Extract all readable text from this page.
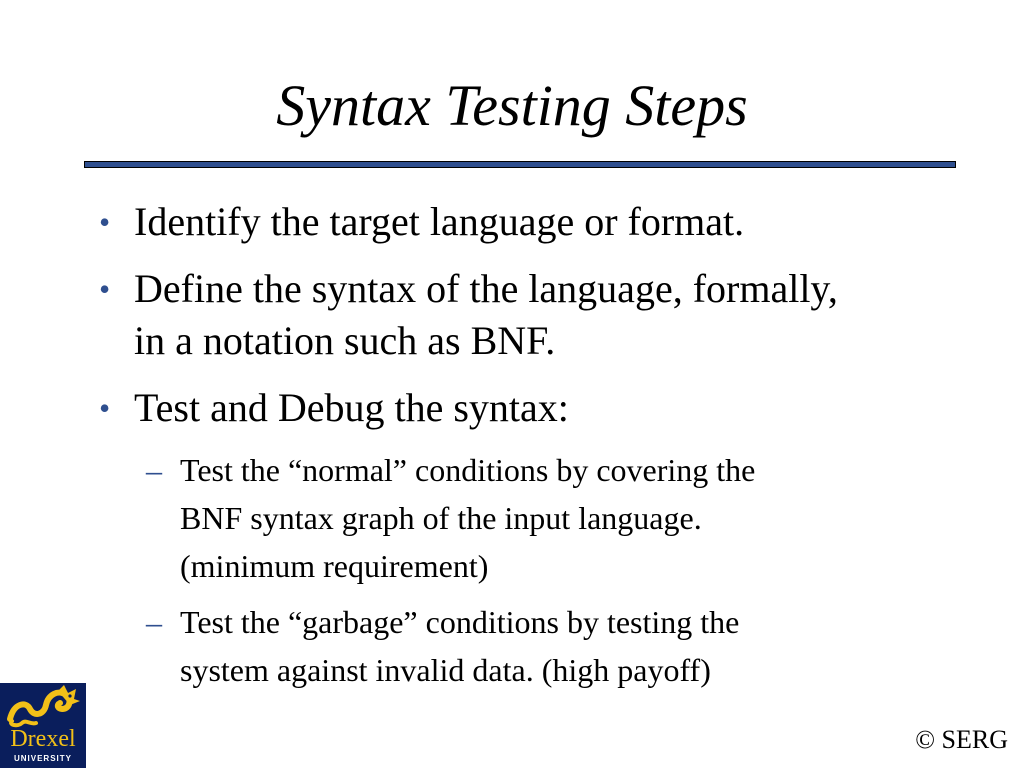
Syntax Testing Steps
• Identify the target language or format.
• Define the syntax of the language, formally,
in a notation such as BNF.
• Test and Debug the syntax:
– Test the “normal” conditions by covering the
BNF syntax graph of the input language.
(minimum requirement)
– Test the “garbage” conditions by testing the
system against invalid data. (high payoff)
Drexel
UNIVERSITY
© SERG
